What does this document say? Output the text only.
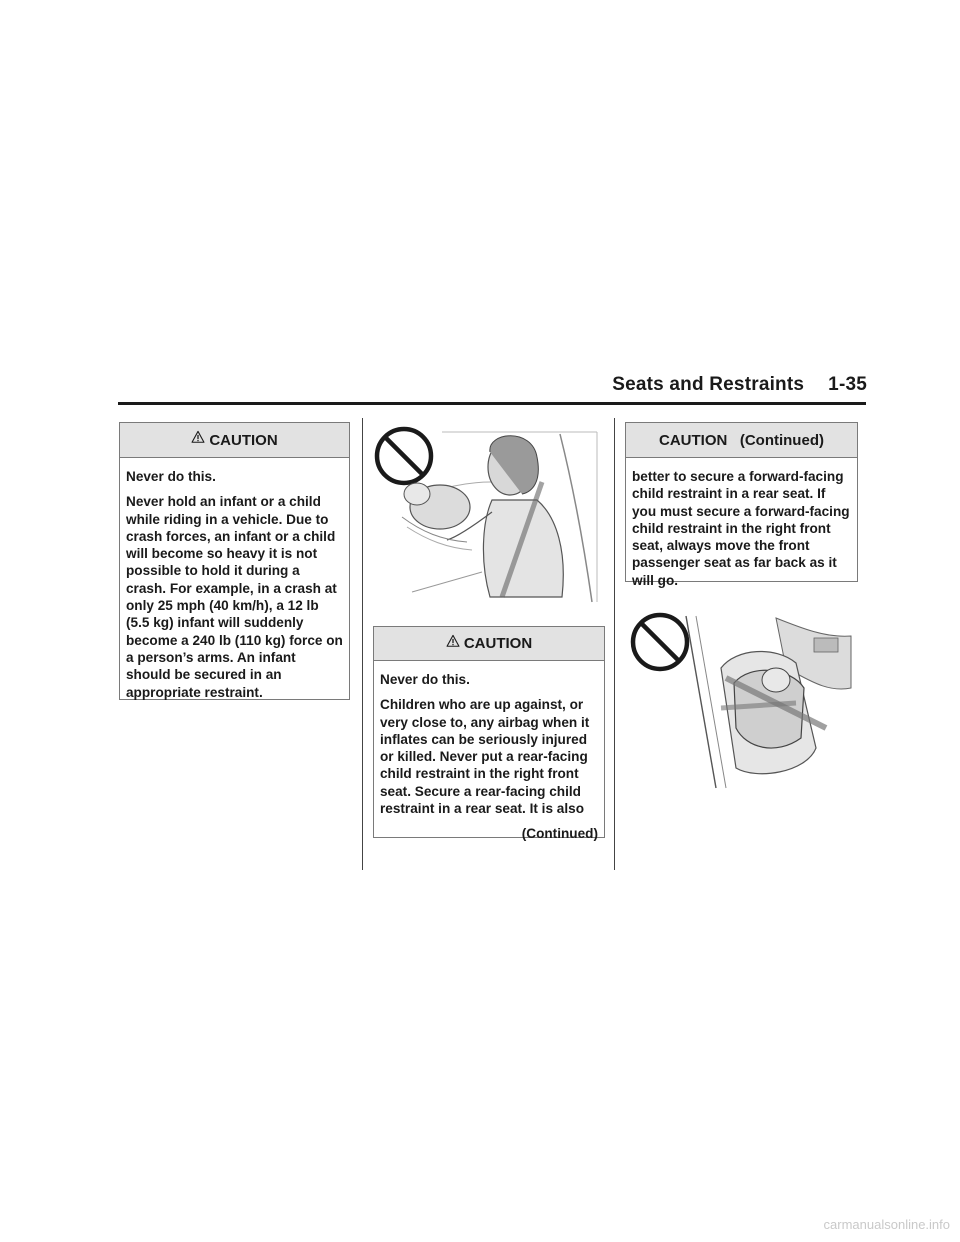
Seats and Restraints 1-35
CAUTION

Never do this.

Never hold an infant or a child while riding in a vehicle. Due to crash forces, an infant or a child will become so heavy it is not possible to hold it during a crash. For example, in a crash at only 25 mph (40 km/h), a 12 lb (5.5 kg) infant will suddenly become a 240 lb (110 kg) force on a person’s arms. An infant should be secured in an appropriate restraint.

CAUTION

Never do this.

Children who are up against, or very close to, any airbag when it inflates can be seriously injured or killed. Never put a rear-facing child restraint in the right front seat. Secure a rear-facing child restraint in a rear seat. It is also

(Continued)
CAUTION   (Continued)

better to secure a forward-facing child restraint in a rear seat. If you must secure a forward-facing child restraint in the right front seat, always move the front passenger seat as far back as it will go.

carmanualsonline.info
